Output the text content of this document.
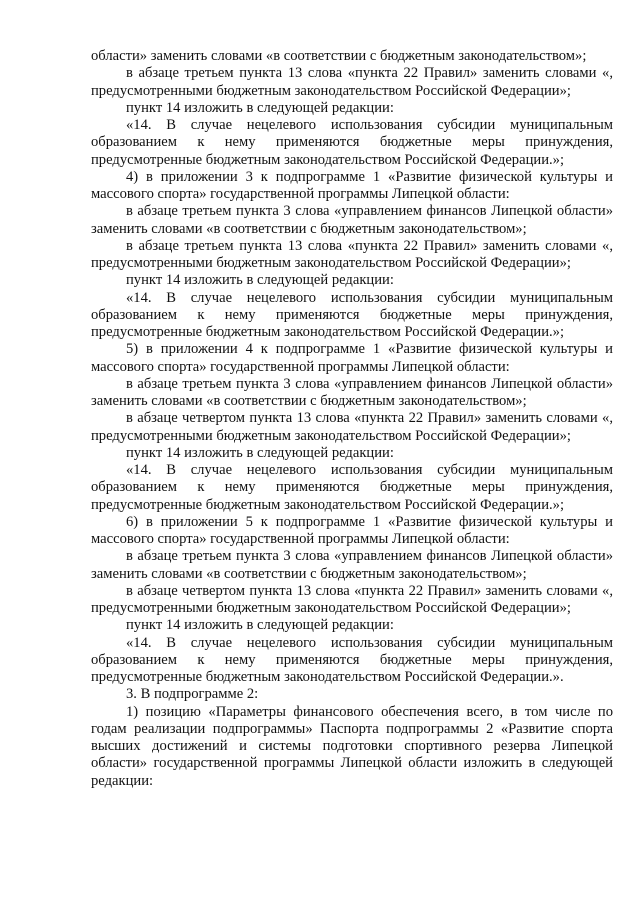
области» заменить словами «в соответствии с бюджетным законодательством»;

в абзаце третьем пункта 13 слова «пункта 22 Правил» заменить словами «, предусмотренными бюджетным законодательством Российской Федерации»;

пункт 14 изложить в следующей редакции:

«14. В случае нецелевого использования субсидии муниципальным образованием к нему применяются бюджетные меры принуждения, предусмотренные бюджетным законодательством Российской Федерации.»;

4) в приложении 3 к подпрограмме 1 «Развитие физической культуры и массового спорта» государственной программы Липецкой области:

в абзаце третьем пункта 3 слова «управлением финансов Липецкой области» заменить словами «в соответствии с бюджетным законодательством»;

в абзаце третьем пункта 13 слова «пункта 22 Правил» заменить словами «, предусмотренными бюджетным законодательством Российской Федерации»;

пункт 14 изложить в следующей редакции:

«14. В случае нецелевого использования субсидии муниципальным образованием к нему применяются бюджетные меры принуждения, предусмотренные бюджетным законодательством Российской Федерации.»;

5) в приложении 4 к подпрограмме 1 «Развитие физической культуры и массового спорта» государственной программы Липецкой области:

в абзаце третьем пункта 3 слова «управлением финансов Липецкой области» заменить словами «в соответствии с бюджетным законодательством»;

в абзаце четвертом пункта 13 слова «пункта 22 Правил» заменить словами «, предусмотренными бюджетным законодательством Российской Федерации»;

пункт 14 изложить в следующей редакции:

«14. В случае нецелевого использования субсидии муниципальным образованием к нему применяются бюджетные меры принуждения, предусмотренные бюджетным законодательством Российской Федерации.»;

6) в приложении 5 к подпрограмме 1 «Развитие физической культуры и массового спорта» государственной программы Липецкой области:

в абзаце третьем пункта 3 слова «управлением финансов Липецкой области» заменить словами «в соответствии с бюджетным законодательством»;

в абзаце четвертом пункта 13 слова «пункта 22 Правил» заменить словами «, предусмотренными бюджетным законодательством Российской Федерации»;

пункт 14 изложить в следующей редакции:

«14. В случае нецелевого использования субсидии муниципальным образованием к нему применяются бюджетные меры принуждения, предусмотренные бюджетным законодательством Российской Федерации.».

3. В подпрограмме 2:

1) позицию «Параметры финансового обеспечения всего, в том числе по годам реализации подпрограммы» Паспорта подпрограммы 2 «Развитие спорта высших достижений и системы подготовки спортивного резерва Липецкой области» государственной программы Липецкой области изложить в следующей редакции:
